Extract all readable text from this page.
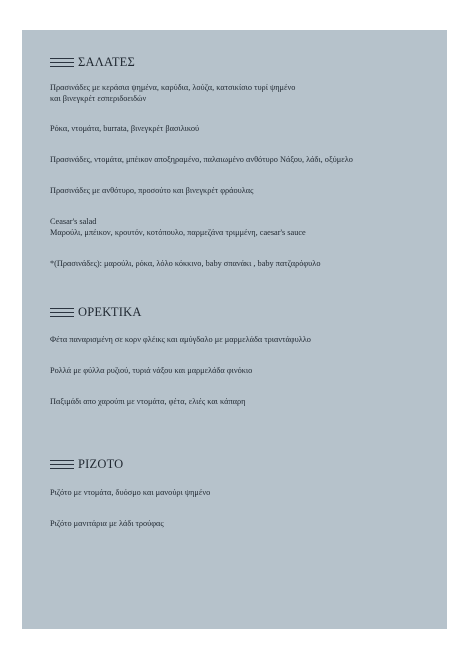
ΣΑΛΑΤΕΣ
Πρασινάδες με κεράσια ψημένα, καρύδια, λούζα, κατσικίσιο τυρί ψημένο
και βινεγκρέτ εσπεριδοειδών
Ρόκα, ντομάτα, burrata, βινεγκρέτ βασιλικού
Πρασινάδες, ντομάτα, μπέικον αποξηραμένο, παλαιωμένο ανθότυρο Νάξου, λάδι, οξύμελο
Πρασινάδες με ανθότυρο, προσούτο και βινεγκρέτ φράουλας
Ceasar's salad
Μαρούλι, μπέικον, κρουτόν, κοτόπουλο, παρμεζάνα τριμμένη, caesar's sauce
*(Πρασινάδες): μαρούλι, ρόκα, λόλο κόκκινο, baby σπανάκι , baby πατζαρόφυλο
ΟΡΕΚΤΙΚΑ
Φέτα παναρισμένη σε κορν φλέικς και αμύγδαλο με μαρμελάδα τριαντάφυλλο
Ρολλά με φύλλα ρυζιού, τυριά νάξου και μαρμελάδα φινόκιο
Παξιμάδι απο χαρούπι με ντομάτα, φέτα, ελιές και κάπαρη
ΡΙΖΟΤΟ
Ριζότο με ντομάτα, δυόσμο και μανούρι ψημένο
Ριζότο μανιτάρια με λάδι τρούφας
